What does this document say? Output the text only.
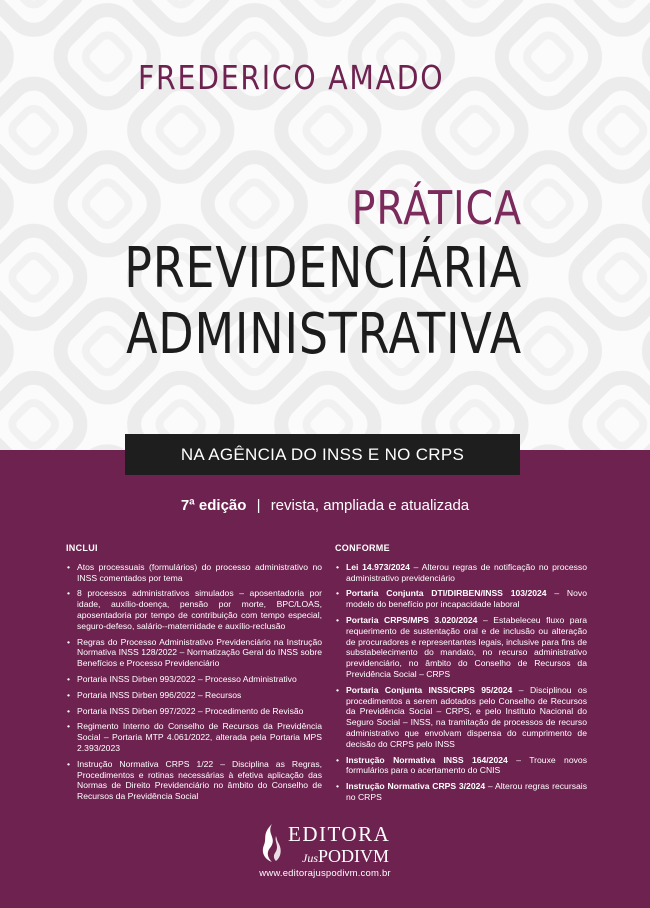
FREDERICO AMADO
PRÁTICA
PREVIDENCIÁRIA
ADMINISTRATIVA
NA AGÊNCIA DO INSS E NO CRPS
7ª edição | revista, ampliada e atualizada
INCLUI
• Atos processuais (formulários) do processo administrativo no INSS comentados por tema
• 8 processos administrativos simulados – aposentadoria por idade, auxílio-doença, pensão por morte, BPC/LOAS, aposentadoria por tempo de contribuição com tempo especial, seguro-defeso, salário--maternidade e auxílio-reclusão
• Regras do Processo Administrativo Previdenciário na Instrução Normativa INSS 128/2022 – Normatização Geral do INSS sobre Benefícios e Processo Previdenciário
• Portaria INSS Dirben 993/2022 – Processo Administrativo
• Portaria INSS Dirben 996/2022 – Recursos
• Portaria INSS Dirben 997/2022 – Procedimento de Revisão
• Regimento Interno do Conselho de Recursos da Previdência Social – Portaria MTP 4.061/2022, alterada pela Portaria MPS 2.393/2023
• Instrução Normativa CRPS 1/22 – Disciplina as Regras, Procedimentos e rotinas necessárias à efetiva aplicação das Normas de Direito Previdenciário no âmbito do Conselho de Recursos da Previdência Social
CONFORME
• Lei 14.973/2024 – Alterou regras de notificação no processo administrativo previdenciário
• Portaria Conjunta DTI/DIRBEN/INSS 103/2024 – Novo modelo do benefício por incapacidade laboral
• Portaria CRPS/MPS 3.020/2024 – Estabeleceu fluxo para requerimento de sustentação oral e de inclusão ou alteração de procuradores e representantes legais, inclusive para fins de substabelecimento do mandato, no recurso administrativo previdenciário, no âmbito do Conselho de Recursos da Previdência Social – CRPS
• Portaria Conjunta INSS/CRPS 95/2024 – Disciplinou os procedimentos a serem adotados pelo Conselho de Recursos da Previdência Social – CRPS, e pelo Instituto Nacional do Seguro Social – INSS, na tramitação de processos de recurso administrativo que envolvam dispensa do cumprimento de decisão do CRPS pelo INSS
• Instrução Normativa INSS 164/2024 – Trouxe novos formulários para o acertamento do CNIS
• Instrução Normativa CRPS 3/2024 – Alterou regras recursais no CRPS
EDITORA
JusPODIVM
www.editorajuspodivm.com.br
